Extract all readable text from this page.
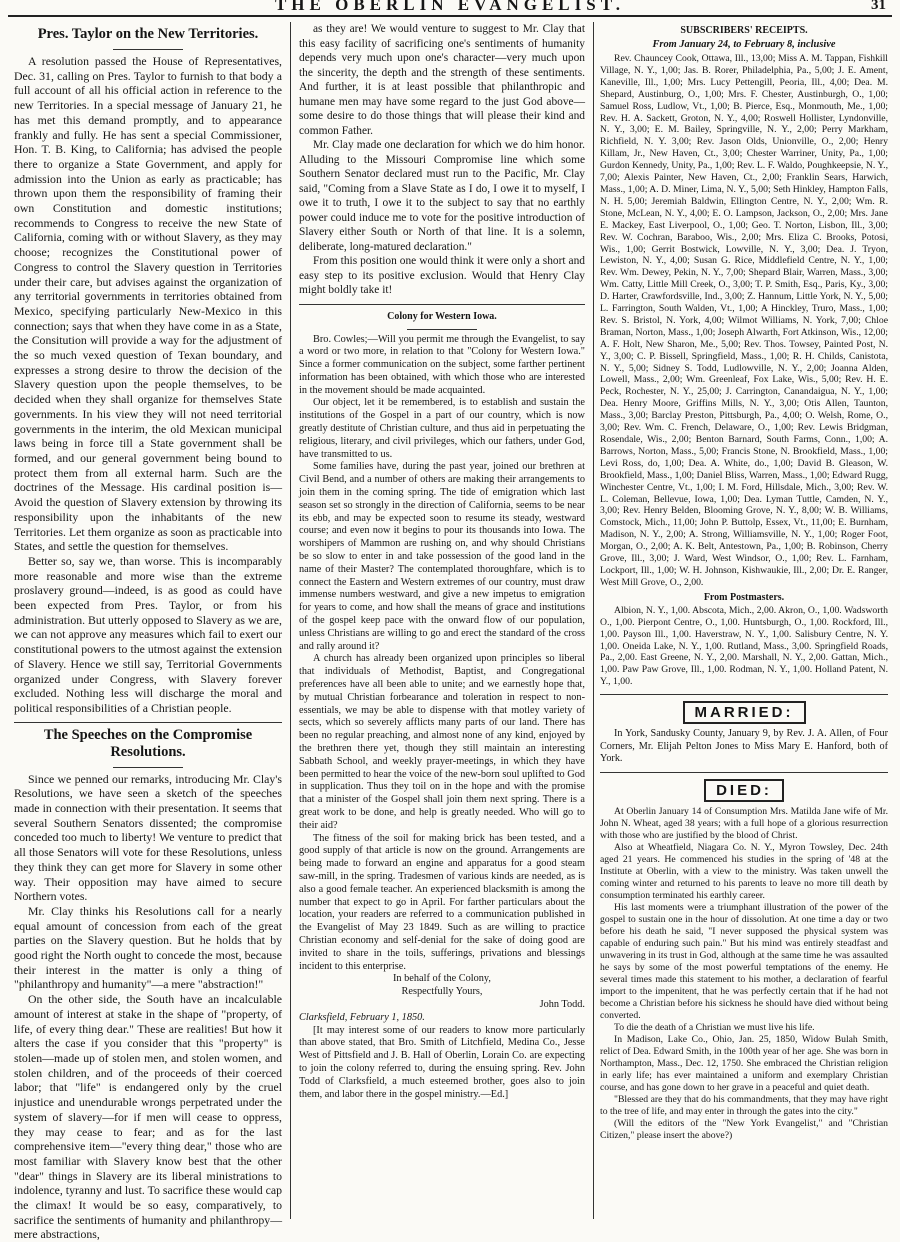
THE OBERLIN EVANGELIST.	31
Pres. Taylor on the New Territories.

A resolution passed the House of Representatives, Dec. 31, calling on Pres. Taylor to furnish to that body a full account of all his official action in reference to the new Territories. In a special message of January 21, he has met this demand promptly, and to appearance frankly and fully. He has sent a special Commissioner, Hon. T. B. King, to California; has advised the people there to organize a State Government, and apply for admission into the Union as early as practicable; has thrown upon them the responsibility of framing their own Constitution and domestic institutions; recommends to Congress to receive the new State of California, coming with or without Slavery, as they may choose; recognizes the Constitutional power of Congress to control the Slavery question in Territories under their care, but advises against the organization of any territorial governments in territories obtained from Mexico, specifying particularly New-Mexico in this connection; says that when they have come in as a State, the Consitution will provide a way for the adjustment of the so much vexed question of Texan boundary, and expresses a strong desire to throw the decision of the Slavery question upon the people themselves, to be decided when they shall organize for themselves State governments. In his view they will not need territorial governments in the interim, the old Mexican municipal laws being in force till a State government shall be formed, and our general government being bound to protect them from all external harm. Such are the doctrines of the Message. His cardinal position is—Avoid the question of Slavery extension by throwing its responsibility upon the inhabitants of the new Territories. Let them organize as soon as practicable into States, and settle the question for themselves.

Better so, say we, than worse. This is incomparably more reasonable and more wise than the extreme proslavery ground—indeed, is as good as could have been expected from Pres. Taylor, or from his administration. But utterly opposed to Slavery as we are, we can not approve any measures which fail to exert our constitutional powers to the utmost against the extension of Slavery. Hence we still say, Territorial Governments organized under Congress, with Slavery forever excluded. Nothing less will discharge the moral and political responsibilities of a Christian people.

The Speeches on the Compromise Resolutions.

Since we penned our remarks, introducing Mr. Clay's Resolutions, we have seen a sketch of the speeches made in connection with their presentation. It seems that several Southern Senators dissented; the compromise conceded too much to liberty! We venture to predict that all those Senators will vote for these Resolutions, unless they think they can get more for Slavery in some other way. Their opposition may have aimed to secure Northern votes.

Mr. Clay thinks his Resolutions call for a nearly equal amount of concession from each of the great parties on the Slavery question. But he holds that by good right the North ought to concede the most, because their interest in the matter is only a thing of "philanthropy and humanity"—a mere "abstraction!"

On the other side, the South have an incalculable amount of interest at stake in the shape of "property, of life, of every thing dear." These are realities! But how it alters the case if you consider that this "property" is stolen—made up of stolen men, and stolen women, and stolen children, and of the proceeds of their coerced labor; that "life" is endangered only by the cruel injustice and unendurable wrongs perpetrated under the system of slavery—for if men will cease to oppress, they may cease to fear; and as for the last comprehensive item—"every thing dear," those who are most familiar with Slavery know best that the other "dear" things in Slavery are its liberal ministrations to indolence, tyranny and lust. To sacrifice these would cap the climax! It would be so easy, comparatively, to sacrifice the sentiments of humanity and philanthropy—mere abstractions,

as they are! We would venture to suggest to Mr. Clay that this easy facility of sacrificing one's sentiments of humanity depends very much upon one's character—very much upon the sincerity, the depth and the strength of these sentiments. And further, it is at least possible that philanthropic and humane men may have some regard to the just God above—some desire to do those things that will please their kind and common Father.

Mr. Clay made one declaration for which we do him honor. Alluding to the Missouri Compromise line which some Southern Senator declared must run to the Pacific, Mr. Clay said, "Coming from a Slave State as I do, I owe it to myself, I owe it to truth, I owe it to the subject to say that no earthly power could induce me to vote for the positive introduction of Slavery either South or North of that line. It is a solemn, deliberate, long-matured declaration."

From this position one would think it were only a short and easy step to its positive exclusion. Would that Henry Clay might boldly take it!

Colony for Western Iowa.

Bro. Cowles;—Will you permit me through the Evangelist, to say a word or two more, in relation to that "Colony for Western Iowa." Since a former communication on the subject, some farther pertinent information has been obtained, with which those who are interested in the movement should be made acquainted.

Our object, let it be remembered, is to establish and sustain the institutions of the Gospel in a part of our country, which is now greatly destitute of Christian culture, and thus aid in perpetuating the religious, literary, and civil privileges, which our fathers, under God, have transmitted to us.

Some families have, during the past year, joined our brethren at Civil Bend, and a number of others are making their arrangements to join them in the coming spring. The tide of emigration which last season set so strongly in the direction of California, seems to be near its ebb, and may be expected soon to resume its steady, westward course; and even now it begins to pour its thousands into Iowa. The worshipers of Mammon are rushing on, and why should Christians be so slow to enter in and take possession of the good land in the name of their Master? The contemplated thoroughfare, which is to connect the Eastern and Western extremes of our country, must draw immense numbers westward, and give a new impetus to emigration for years to come, and how shall the means of grace and institutions of the gospel keep pace with the onward flow of our population, unless Christians are willing to go and erect the standard of the cross and rally around it?

A church has already been organized upon principles so liberal that individuals of Methodist, Baptist, and Congregational preferences have all been able to unite; and we earnestly hope that, by mutual Christian forbearance and toleration in respect to non-essentials, we may be able to dispense with that motley variety of sects, which so severely afflicts many parts of our land. There has been no regular preaching, and almost none of any kind, enjoyed by the brethren there yet, though they still maintain an interesting Sabbath School, and weekly prayer-meetings, in which they have been permitted to hear the voice of the new-born soul uplifted to God in supplication. Thus they toil on in the hope and with the promise that a minister of the Gospel shall join them next spring. There is a great work to be done, and help is greatly needed. Who will go to their aid?

The fitness of the soil for making brick has been tested, and a good supply of that article is now on the ground. Arrangements are being made to forward an engine and apparatus for a good steam saw-mill, in the spring. Tradesmen of various kinds are needed, as is also a good female teacher. An experienced blacksmith is among the number that expect to go in April. For farther particulars about the location, your readers are referred to a communication published in the Evangelist of May 23 1849. Such as are willing to practice Christian economy and self-denial for the sake of doing good are invited to share in the toils, sufferings, privations and blessings incident to this enterprise.

In behalf of the Colony,

Respectfully Yours,

John Todd.

Clarksfield, February 1, 1850.

[It may interest some of our readers to know more particularly than above stated, that Bro. Smith of Litchfield, Medina Co., Jesse West of Pittsfield and J. B. Hall of Oberlin, Lorain Co. are expecting to join the colony referred to, during the ensuing spring. Rev. John Todd of Clarksfield, a much esteemed brother, goes also to join them, and labor there in the gospel ministry.—Ed.]

SUBSCRIBERS' RECEIPTS.
From January 24, to February 8, inclusive

Rev. Chauncey Cook, Ottawa, Ill., 13,00; Miss A. M. Tappan, Fishkill Village, N. Y., 1,00; Jas. B. Rorer, Philadelphia, Pa., 5,00; J. E. Ament, Kaneville, Ill., 1,00; Mrs. Lucy Pettengill, Peoria, Ill., 4,00; Dea. M. Shepard, Austinburg, O., 1,00; Mrs. F. Chester, Austinburgh, O., 1,00; Samuel Ross, Ludlow, Vt., 1,00; B. Pierce, Esq., Monmouth, Me., 1,00; Rev. H. A. Sackett, Groton, N. Y., 4,00; Roswell Hollister, Lyndonville, N. Y., 3,00; E. M. Bailey, Springville, N. Y., 2,00; Perry Markham, Richfield, N. Y. 3,00; Rev. Jason Olds, Unionville, O., 2,00; Henry Killam, Jr., New Haven, Ct., 3,00; Chester Warriner, Unity, Pa., 1,00; Gurdon Kennedy, Unity, Pa., 1,00; Rev. L. F. Waldo, Poughkeepsie, N. Y., 7,00; Alexis Painter, New Haven, Ct., 2,00; Franklin Sears, Harwich, Mass., 1,00; A. D. Miner, Lima, N. Y., 5,00; Seth Hinkley, Hampton Falls, N. H. 5,00; Jeremiah Baldwin, Ellington Centre, N. Y., 2,00; Wm. R. Stone, McLean, N. Y., 4,00; E. O. Lampson, Jackson, O., 2,00; Mrs. Jane E. Mackey, East Liverpool, O., 1,00; Geo. T. Norton, Lisbon, Ill., 3,00; Rev. W. Cochran, Baraboo, Wis., 2,00; Mrs. Eliza C. Brooks, Potosi, Wis., 1,00; Gerrit Bostwick, Lowville, N. Y., 3,00; Dea. J. Tryon, Lewiston, N. Y., 4,00; Susan G. Rice, Middlefield Centre, N. Y., 1,00; Rev. Wm. Dewey, Pekin, N. Y., 7,00; Shepard Blair, Warren, Mass., 3,00; Wm. Catty, Little Mill Creek, O., 3,00; T. P. Smith, Esq., Paris, Ky., 3,00; D. Harter, Crawfordsville, Ind., 3,00; Z. Hannum, Little York, N. Y., 5,00; L. Farrington, South Walden, Vt., 1,00; A Hinckley, Truro, Mass., 1,00; Rev. S. Bristol, N. York, 4,00; Wilmot Williams, N. York, 7,00; Chloe Braman, Norton, Mass., 1,00; Joseph Alwarth, Fort Atkinson, Wis., 12,00; A. F. Holt, New Sharon, Me., 5,00; Rev. Thos. Towsey, Painted Post, N. Y., 3,00; C. P. Bissell, Springfield, Mass., 1,00; R. H. Childs, Canistota, N. Y., 5,00; Sidney S. Todd, Ludlowville, N. Y., 2,00; Joanna Alden, Lowell, Mass., 2,00; Wm. Greenleaf, Fox Lake, Wis., 5,00; Rev. H. E. Peck, Rochester, N. Y., 25,00; J. Carrington, Canandaigua, N. Y., 1,00; Dea. Henry Moore, Griffins Mills, N. Y., 3,00; Otis Allen, Taunton, Mass., 3,00; Barclay Preston, Pittsburgh, Pa., 4,00; O. Welsh, Rome, O., 3,00; Rev. Wm. C. French, Delaware, O., 1,00; Rev. Lewis Bridgman, Rosendale, Wis., 2,00; Benton Barnard, South Farms, Conn., 1,00; A. Barrows, Norton, Mass., 5,00; Francis Stone, N. Brookfield, Mass., 1,00; Levi Ross, do, 1,00; Dea. A. White, do., 1,00; David B. Gleason, W. Brookfield, Mass., 1,00; Daniel Bliss, Warren, Mass., 1,00; Edward Rugg, Winchester Centre, Vt., 1,00; I. M. Ford, Hillsdale, Mich., 3,00; Rev. W. L. Coleman, Bellevue, Iowa, 1,00; Dea. Lyman Tuttle, Camden, N. Y., 3,00; Rev. Henry Belden, Blooming Grove, N. Y., 8,00; W. B. Williams, Comstock, Mich., 11,00; John P. Buttolp, Essex, Vt., 11,00; E. Burnham, Madison, N. Y., 2,00; A. Strong, Williamsville, N. Y., 1,00; Roger Foot, Morgan, O., 2,00; A. K. Belt, Antestown, Pa., 1,00; B. Robinson, Cherry Grove, Ill., 3,00; J. Ward, West Windsor, O., 1,00; Rev. L. Farnham, Lockport, Ill., 1,00; W. H. Johnson, Kishwaukie, Ill., 2,00; Dr. E. Ranger, West Mill Grove, O., 2,00.

From Postmasters.

Albion, N. Y., 1,00. Abscota, Mich., 2,00. Akron, O., 1,00. Wadsworth O., 1,00. Pierpont Centre, O., 1,00. Huntsburgh, O., 1,00. Rockford, Ill., 1,00. Payson Ill., 1,00. Haverstraw, N. Y., 1,00. Salisbury Centre, N. Y. 1,00. Oneida Lake, N. Y., 1,00. Rutland, Mass., 3,00. Springfield Roads, Pa., 2,00. East Greene, N. Y., 2,00. Marshall, N. Y., 2,00. Gattan, Mich., 1,00. Paw Paw Grove, Ill., 1,00. Rodman, N. Y., 1,00. Holland Patent, N. Y., 1,00.

MARRIED:

In York, Sandusky County, January 9, by Rev. J. A. Allen, of Four Corners, Mr. Elijah Pelton Jones to Miss Mary E. Hanford, both of York.

DIED:

At Oberlin January 14 of Consumption Mrs. Matilda Jane wife of Mr. John N. Wheat, aged 38 years; with a full hope of a glorious resurrection with those who are justified by the blood of Christ.

Also at Wheatfield, Niagara Co. N. Y., Myron Towsley, Dec. 24th aged 21 years. He commenced his studies in the spring of '48 at the Institute at Oberlin, with a view to the ministry. Was taken unwell the coming winter and returned to his parents to leave no more till death by consumption terminated his earthly career.

His last moments were a triumphant illustration of the power of the gospel to sustain one in the hour of dissolution. At one time a day or two before his death he said, "I never supposed the physical system was capable of enduring such pain." But his mind was entirely steadfast and unwavering in its trust in God, although at the same time he was assaulted he says by some of the most powerful temptations of the enemy. He several times made this statement to his mother, a declaration of fearful import to the impenitent, that he was perfectly certain that if he had not become a Christian before his sickness he should have died without being converted.

To die the death of a Christian we must live his life.

In Madison, Lake Co., Ohio, Jan. 25, 1850, Widow Bulah Smith, relict of Dea. Edward Smith, in the 100th year of her age. She was born in Northampton, Mass., Dec. 12, 1750. She embraced the Christian religion in early life; has ever maintained a uniform and exemplary Christian course, and has gone down to her grave in a peaceful and quiet death.

"Blessed are they that do his commandments, that they may have right to the tree of life, and may enter in through the gates into the city."

(Will the editors of the "New York Evangelist," and "Christian Citizen," please insert the above?)
